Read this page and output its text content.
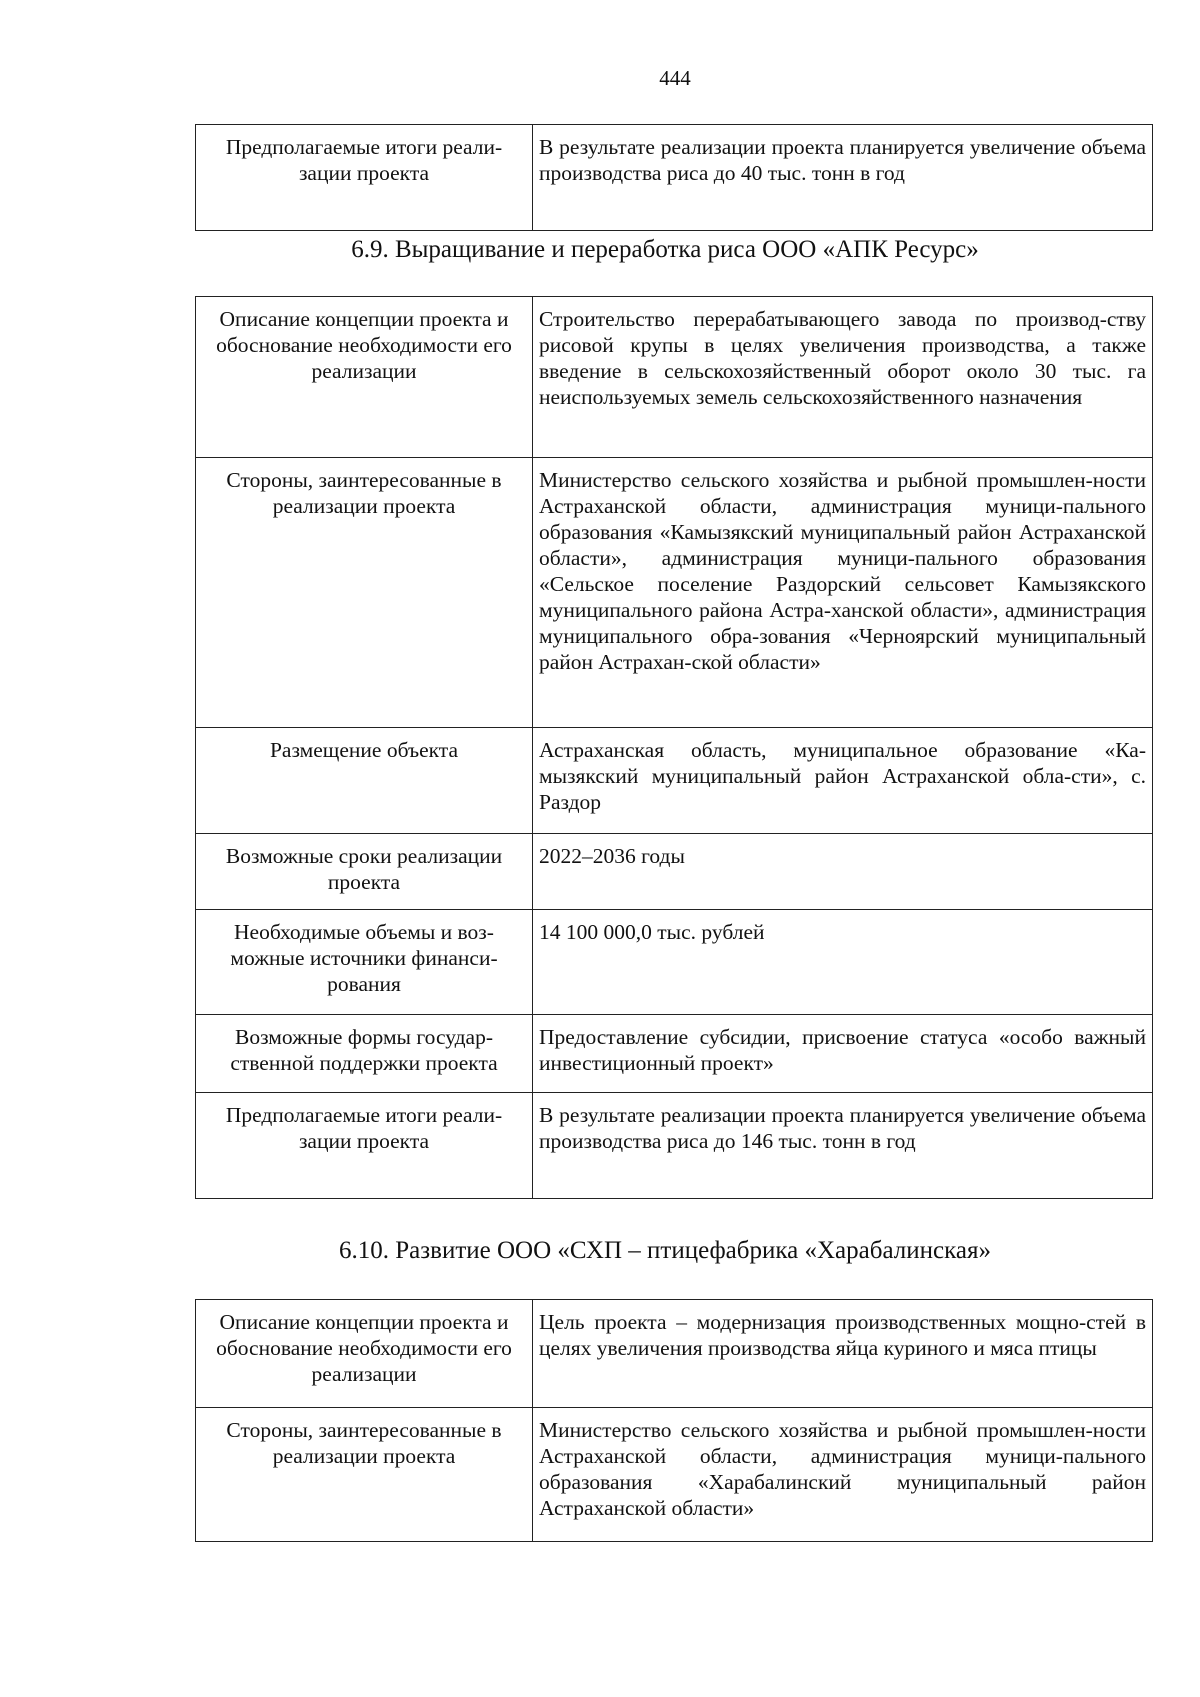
444
Предполагаемые итоги реали-зации проекта	В результате реализации проекта планируется увеличение объема производства риса до 40 тыс. тонн в год
6.9. Выращивание и переработка риса ООО «АПК Ресурс»
Описание концепции проекта и обоснование необходимости его реализации	Строительство перерабатывающего завода по производ-ству рисовой крупы в целях увеличения производства, а также введение в сельскохозяйственный оборот около 30 тыс. га неиспользуемых земель сельскохозяйственного назначения
Стороны, заинтересованные в реализации проекта	Министерство сельского хозяйства и рыбной промышлен-ности Астраханской области, администрация муници-пального образования «Камызякский муниципальный район Астраханской области», администрация муници-пального образования «Сельское поселение Раздорский сельсовет Камызякского муниципального района Астра-ханской области», администрация муниципального обра-зования «Черноярский муниципальный район Астрахан-ской области»
Размещение объекта	Астраханская область, муниципальное образование «Ка-мызякский муниципальный район Астраханской обла-сти», с. Раздор
Возможные сроки реализации проекта	2022–2036 годы
Необходимые объемы и воз-можные источники финанси-рования	14 100 000,0 тыс. рублей
Возможные формы государ-ственной поддержки проекта	Предоставление субсидии, присвоение статуса «особо важный инвестиционный проект»
Предполагаемые итоги реали-зации проекта	В результате реализации проекта планируется увеличение объема производства риса до 146 тыс. тонн в год
6.10. Развитие ООО «СХП – птицефабрика «Харабалинская»
Описание концепции проекта и обоснование необходимости его реализации	Цель проекта – модернизация производственных мощно-стей в целях увеличения производства яйца куриного и мяса птицы
Стороны, заинтересованные в реализации проекта	Министерство сельского хозяйства и рыбной промышлен-ности Астраханской области, администрация муници-пального образования «Харабалинский муниципальный район Астраханской области»
